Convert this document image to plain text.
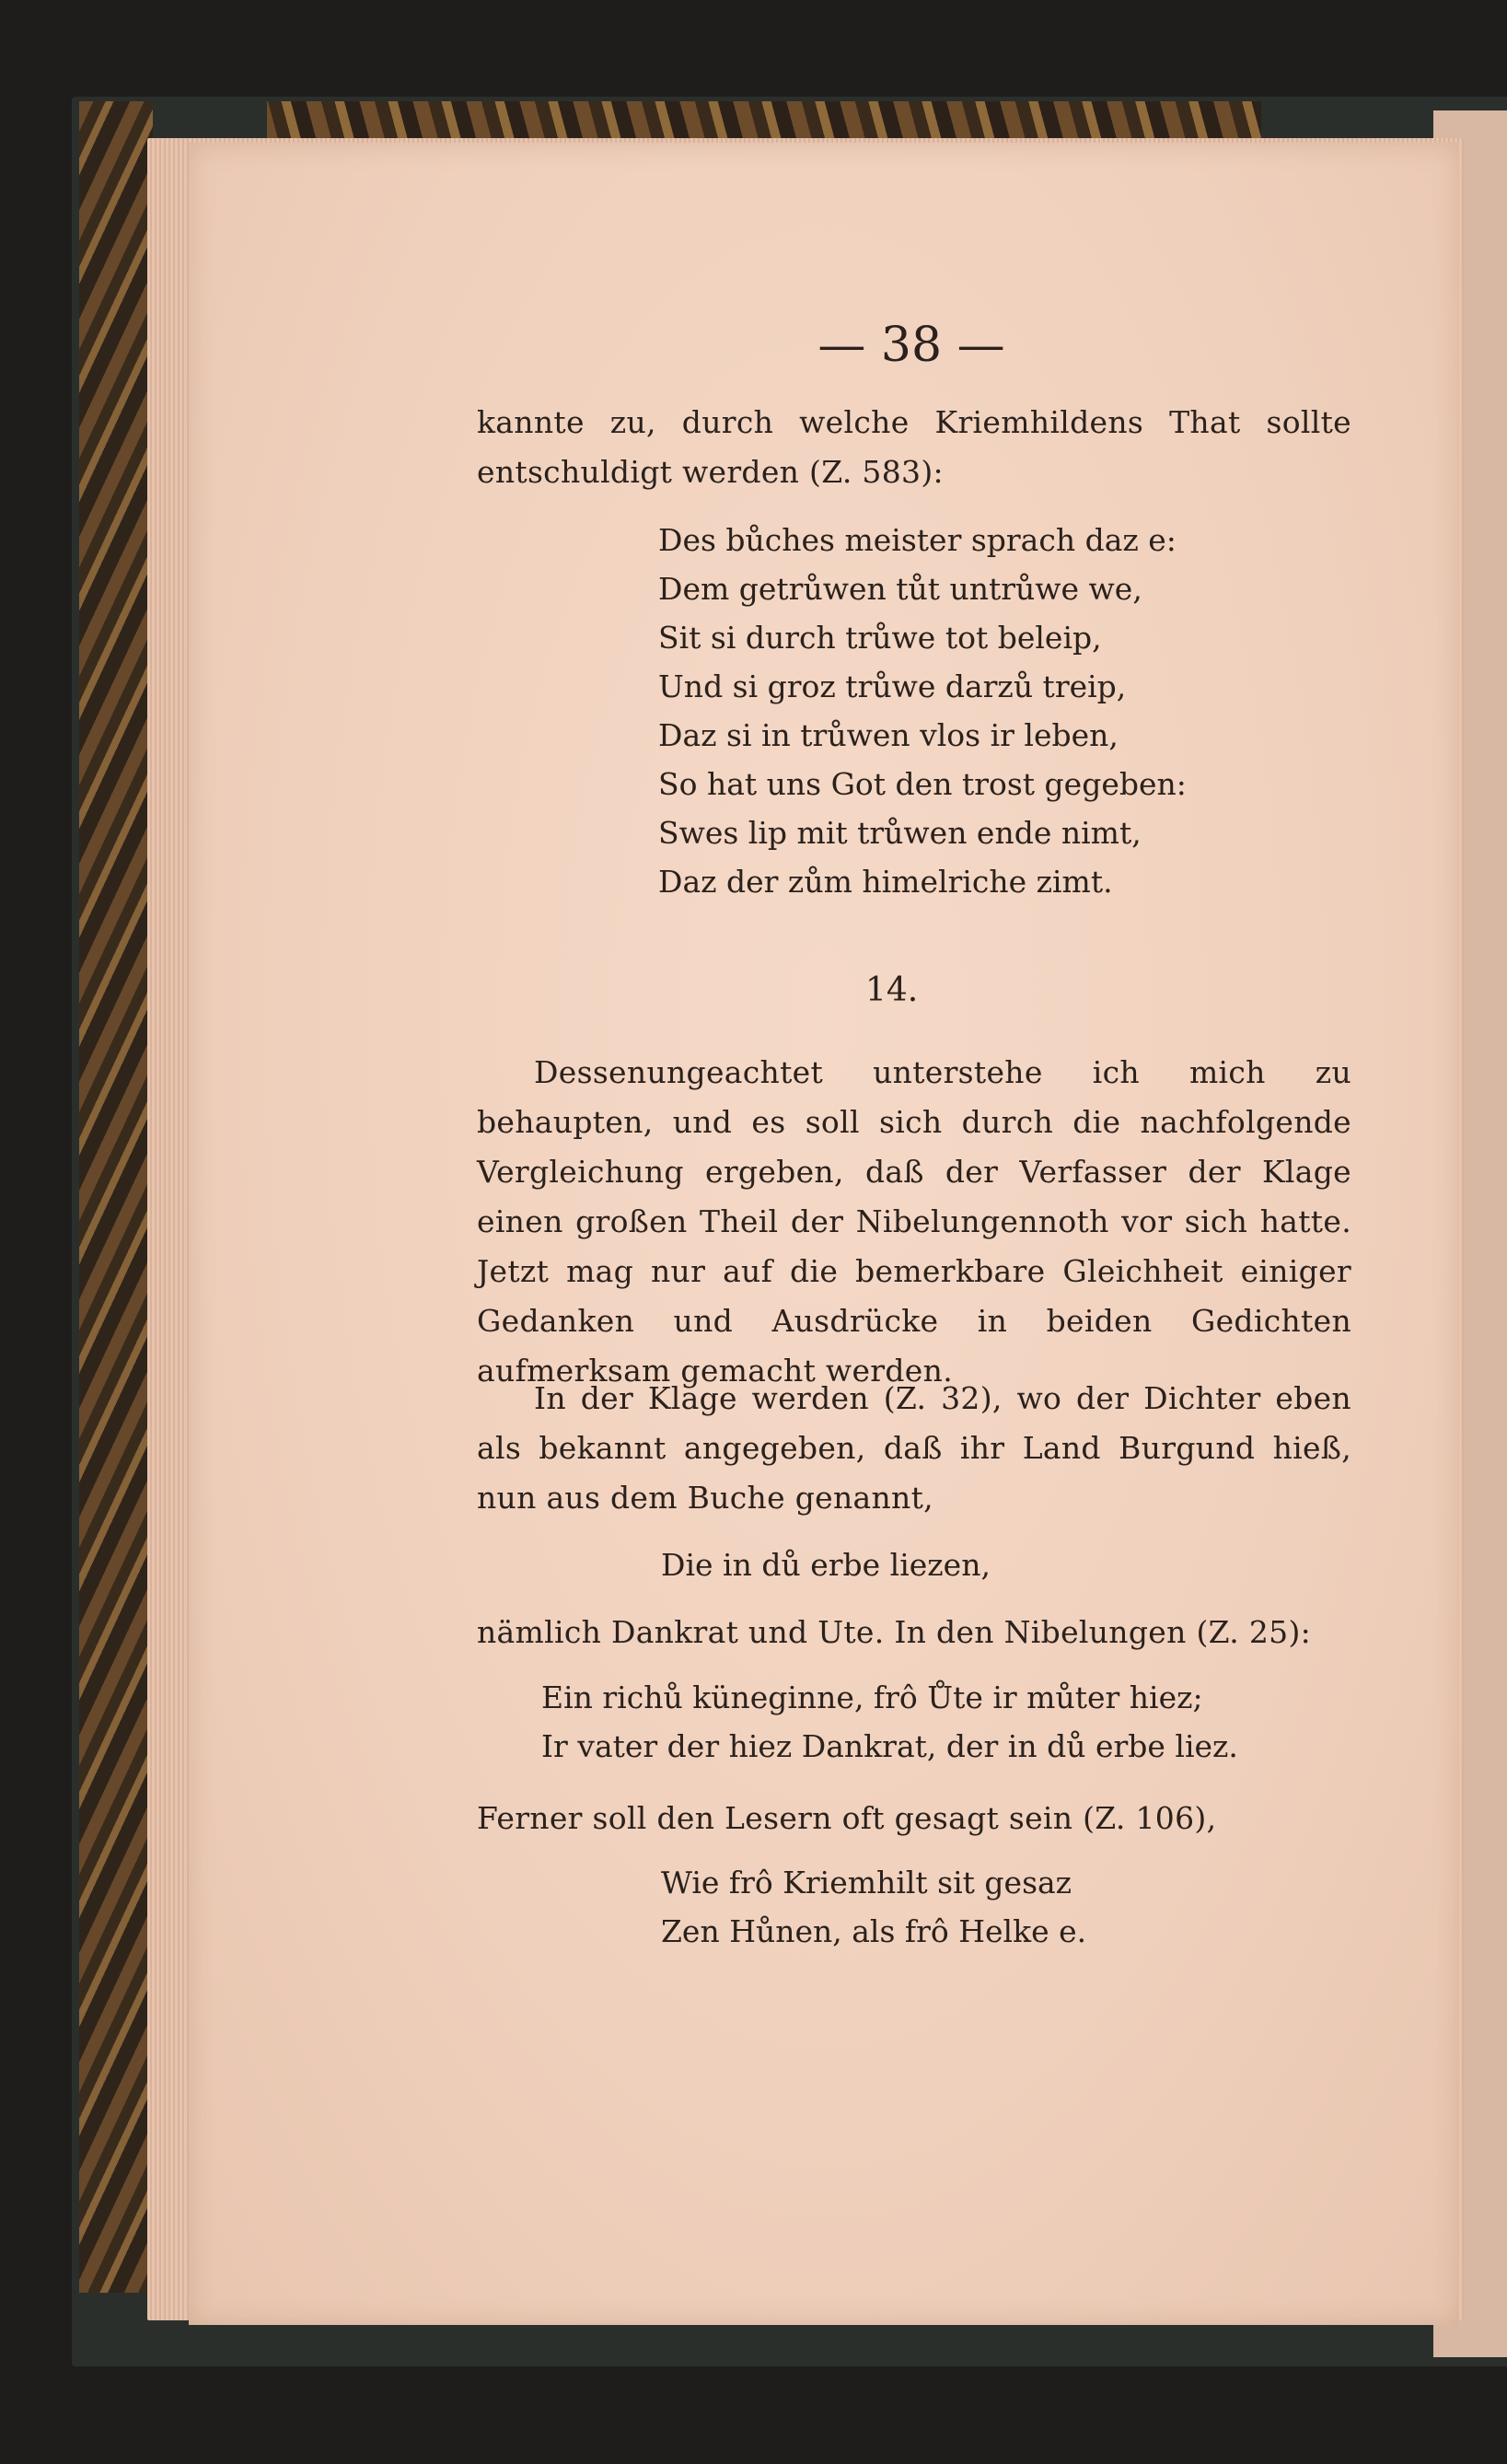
— 38 —
kannte zu, durch welche Kriemhildens That sollte entschuldigt werden (Z. 583):
Des bůches meister sprach daz e:
Dem getrůwen tůt untrůwe we,
Sit si durch trůwe tot beleip,
Und si groz trůwe darzů treip,
Daz si in trůwen vlos ir leben,
So hat uns Got den trost gegeben:
Swes lip mit trůwen ende nimt,
Daz der zům himelriche zimt.
14.
Dessenungeachtet unterstehe ich mich zu behaupten, und es soll sich durch die nachfolgende Vergleichung ergeben, daß der Verfasser der Klage einen großen Theil der Nibelungennoth vor sich hatte. Jetzt mag nur auf die bemerkbare Gleichheit einiger Gedanken und Ausdrücke in beiden Gedichten aufmerksam gemacht werden.
In der Klage werden (Z. 32), wo der Dichter eben als bekannt angegeben, daß ihr Land Burgund hieß, nun aus dem Buche genannt,
Die in dů erbe liezen,
nämlich Dankrat und Ute. In den Nibelungen (Z. 25):
Ein richů küneginne, frô Ůte ir můter hiez;
Ir vater der hiez Dankrat, der in dů erbe liez.
Ferner soll den Lesern oft gesagt sein (Z. 106),
Wie frô Kriemhilt sit gesaz
Zen Hůnen, als frô Helke e.
